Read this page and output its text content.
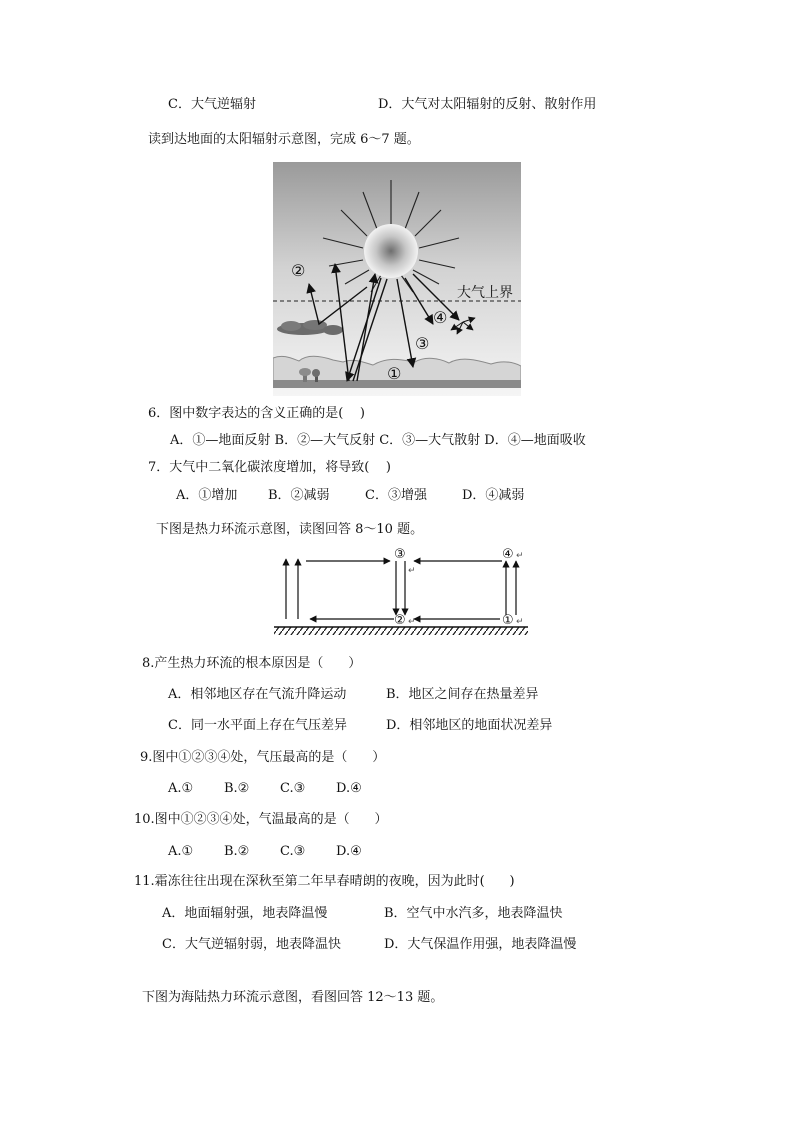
C．大气逆辐射	D．大气对太阳辐射的反射、散射作用
读到达地面的太阳辐射示意图，完成 6～7 题。
大气上界
②
④
③
①
6．图中数字表达的含义正确的是(    )
A．①—地面反射 B．②—大气反射 C．③—大气散射 D．④—地面吸收
7．大气中二氧化碳浓度增加，将导致(    )
A．①增加 B．②减弱	C．③增强	D．④减弱
下图是热力环流示意图，读图回答 8～10 题。
③
↵
④ ↵
② ↵	① ↵
8.产生热力环流的根本原因是（      ）
A．相邻地区存在气流升降运动	B．地区之间存在热量差异
C．同一水平面上存在气压差异	D．相邻地区的地面状况差异
9.图中①②③④处，气压最高的是（      ）
A.① B.② C.③ D.④
10.图中①②③④处，气温最高的是（      ）
A.① B.② C.③ D.④
11.霜冻往往出现在深秋至第二年早春晴朗的夜晚，因为此时(      )
A．地面辐射强，地表降温慢	B．空气中水汽多，地表降温快
C．大气逆辐射弱，地表降温快	D．大气保温作用强，地表降温慢
下图为海陆热力环流示意图，看图回答 12～13 题。
